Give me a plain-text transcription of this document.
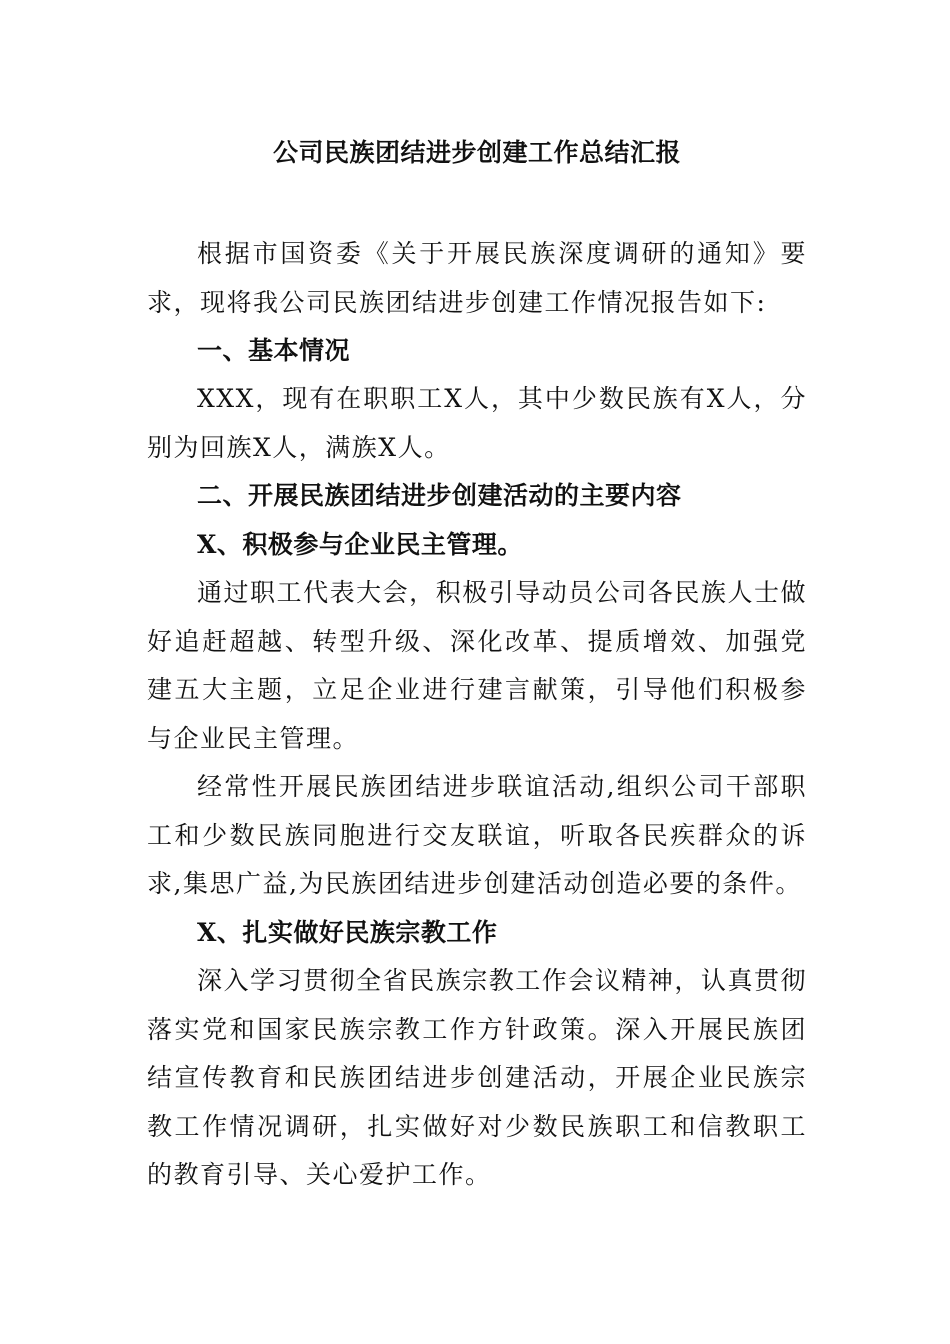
公司民族团结进步创建工作总结汇报
根据市国资委《关于开展民族深度调研的通知》要求，现将我公司民族团结进步创建工作情况报告如下:
一、基本情况
XXX，现有在职职工X人，其中少数民族有X人，分别为回族X人，满族X人。
二、开展民族团结进步创建活动的主要内容
X、积极参与企业民主管理。
通过职工代表大会，积极引导动员公司各民族人士做好追赶超越、转型升级、深化改革、提质增效、加强党建五大主题，立足企业进行建言献策，引导他们积极参与企业民主管理。
经常性开展民族团结进步联谊活动,组织公司干部职工和少数民族同胞进行交友联谊，听取各民疾群众的诉求,集思广益,为民族团结进步创建活动创造必要的条件。
X、扎实做好民族宗教工作
深入学习贯彻全省民族宗教工作会议精神，认真贯彻落实党和国家民族宗教工作方针政策。深入开展民族团结宣传教育和民族团结进步创建活动，开展企业民族宗教工作情况调研，扎实做好对少数民族职工和信教职工的教育引导、关心爱护工作。
